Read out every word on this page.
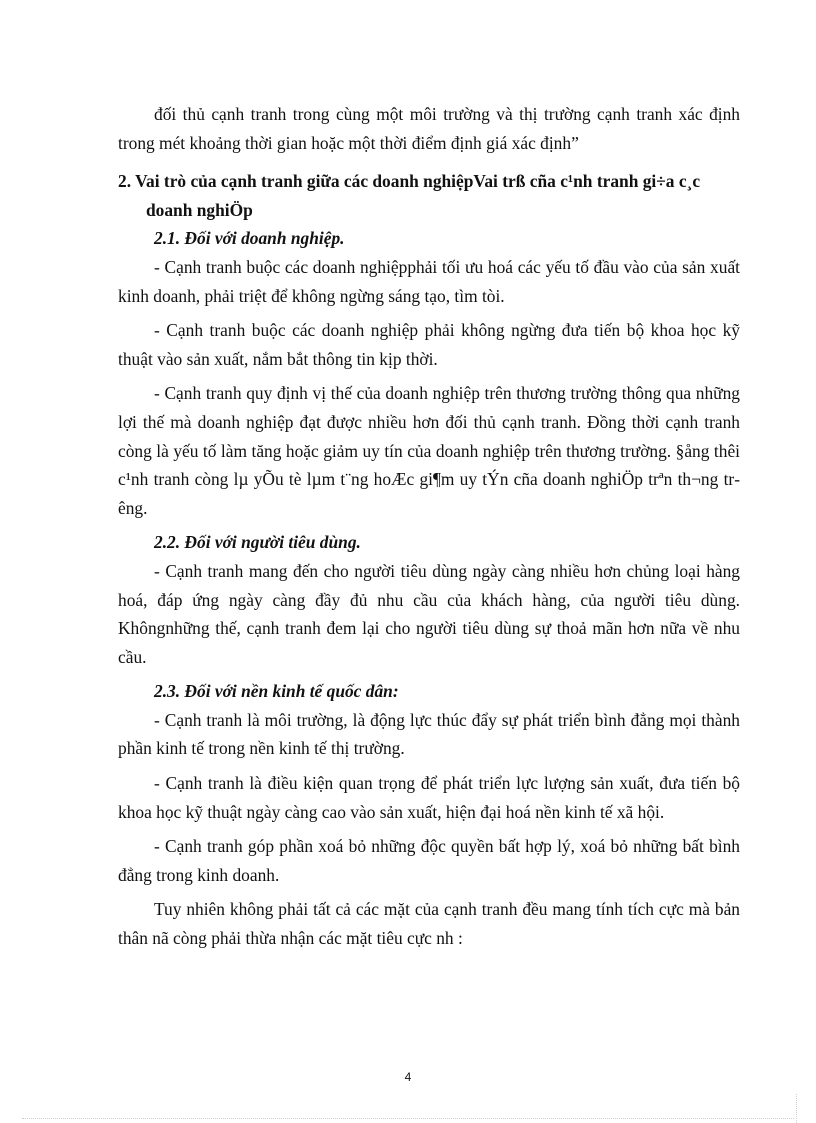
đối thủ cạnh tranh trong cùng một môi trường và thị trường cạnh tranh xác định trong mét khoảng thời gian hoặc một thời điểm định giá xác định”

2. Vai trò của cạnh tranh giữa các doanh nghiệpVai trß cña c¹nh tranh gi÷a c¸c doanh nghiÖp

2.1. Đối với doanh nghiệp.

- Cạnh tranh buộc các doanh nghiệpphải tối ưu hoá các yếu tố đầu vào của sản xuất kinh doanh, phải triệt để không ngừng sáng tạo, tìm tòi.

- Cạnh tranh buộc các doanh nghiệp phải không ngừng đưa tiến bộ khoa học kỹ thuật vào sản xuất, nắm bắt thông tin kịp thời.

- Cạnh tranh quy định vị thế của doanh nghiệp trên thương trường thông qua những lợi thế mà doanh nghiệp đạt được nhiều hơn đối thủ cạnh tranh. Đồng thời cạnh tranh còng là yếu tố làm tăng hoặc giảm uy tín của doanh nghiệp trên thương trường. §ång thêi c¹nh tranh còng lµ yÕu tè lµm t¨ng hoÆc gi¶m uy tÝn cña doanh nghiÖp trªn th¬ng trêng.

2.2. Đối với người tiêu dùng.

- Cạnh tranh mang đến cho người tiêu dùng ngày càng nhiều hơn chủng loại hàng hoá, đáp ứng ngày càng đầy đủ nhu cầu của khách hàng, của người tiêu dùng. Khôngnhững thế, cạnh tranh đem lại cho người tiêu dùng sự thoả mãn hơn nữa về nhu cầu.

2.3. Đối với nền kinh tế quốc dân:

- Cạnh tranh là môi trường, là động lực thúc đẩy sự phát triển bình đẳng mọi thành phần kinh tế trong nền kinh tế thị trường.

- Cạnh tranh là điều kiện quan trọng để phát triển lực lượng sản xuất, đưa tiến bộ khoa học kỹ thuật ngày càng cao vào sản xuất, hiện đại hoá nền kinh tế xã hội.

- Cạnh tranh góp phần xoá bỏ những độc quyền bất hợp lý, xoá bỏ những bất bình đẳng trong kinh doanh.

Tuy nhiên không phải tất cả các mặt của cạnh tranh đều mang tính tích cực mà bản thân nã còng phải thừa nhận các mặt tiêu cực nh :

4
